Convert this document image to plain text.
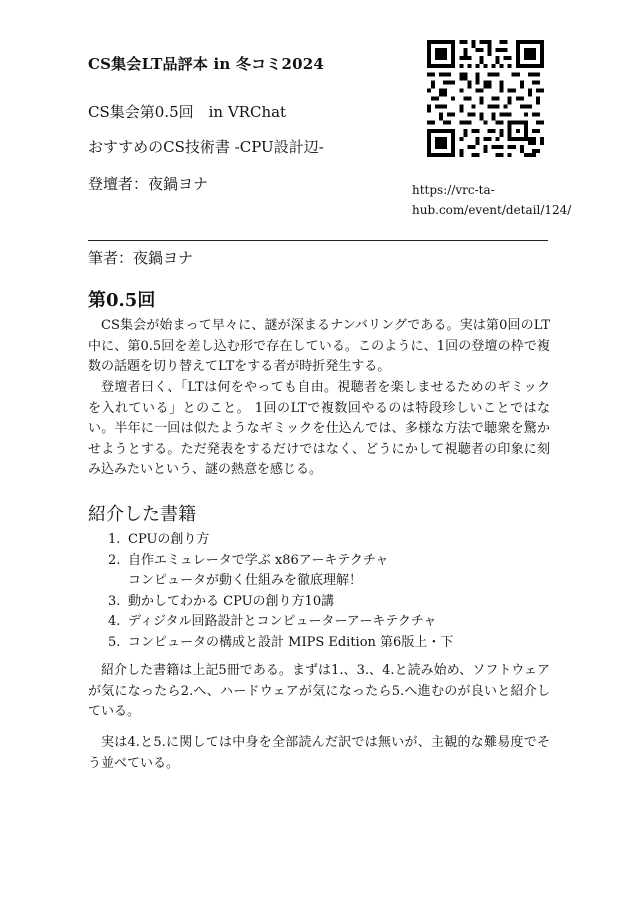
CS集会LT品評本 in 冬コミ2024
CS集会第0.5回　in VRChat
おすすめのCS技術書 -CPU設計辺-
登壇者：夜鍋ヨナ	https://vrc-ta-hub.com/event/detail/124/
筆者：夜鍋ヨナ
第0.5回
CS集会が始まって早々に、謎が深まるナンバリングである。実は第0回のLT中に、第0.5回を差し込む形で存在している。このように、1回の登壇の枠で複数の話題を切り替えてLTをする者が時折発生する。
登壇者曰く、「LTは何をやっても自由。視聴者を楽しませるためのギミックを入れている」とのこと。 1回のLTで複数回やるのは特段珍しいことではない。半年に一回は似たようなギミックを仕込んでは、多様な方法で聴衆を驚かせようとする。ただ発表をするだけではなく、どうにかして視聴者の印象に刻み込みたいという、謎の熱意を感じる。
紹介した書籍
1. CPUの創り方
2. 自作エミュレータで学ぶ x86アーキテクチャ
コンピュータが動く仕組みを徹底理解！
3. 動かしてわかる CPUの創り方10講
4. ディジタル回路設計とコンピューターアーキテクチャ
5. コンピュータの構成と設計 MIPS Edition 第6版上・下
紹介した書籍は上記5冊である。まずは1.、3.、4.と読み始め、ソフトウェアが気になったら2.へ、ハードウェアが気になったら5.へ進むのが良いと紹介している。
実は4.と5.に関しては中身を全部読んだ訳では無いが、主観的な難易度でそう並べている。
